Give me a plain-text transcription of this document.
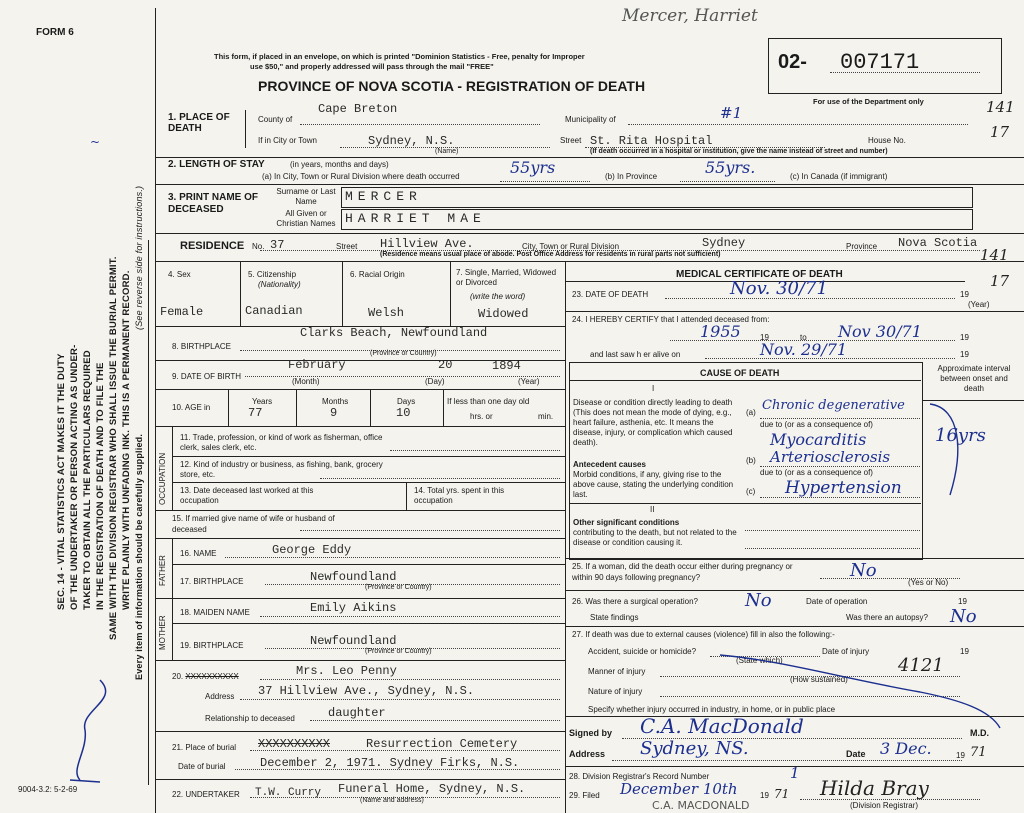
FORM 6
SEC. 14 - VITAL STATISTICS ACT MAKES IT THE DUTY OF THE UNDERTAKER OR PERSON ACTING AS UNDER- TAKER TO OBTAIN ALL THE PARTICULARS REQUIRED IN THE REGISTRATION OF DEATH AND TO FILE THE SAME WITH THE DIVISION REGISTRAR WHO SHALL ISSUE THE BURIAL PERMIT. WRITE PLAINLY WITH UNFADING INK. THIS IS A PERMANENT RECORD. Every item of information should be carefully supplied.
(See reverse side for instructions.)
9004-3.2: 5-2-69
~
Mercer, Harriet
This form, if placed in an envelope, on which is printed "Dominion Statistics - Free, penalty for Improper
use $50," and properly addressed will pass through the mail "FREE"
PROVINCE OF NOVA SCOTIA - REGISTRATION OF DEATH
02- 007171
For use of the Department only	141
17
141
17
1. PLACE OF DEATH
County of
Cape Breton
Municipality of	#1
If in City or Town	Sydney, N.S.
(Name)
Street St. Rita Hospital	House No.
(If death occurred in a hospital or institution, give the name instead of street and number)
2. LENGTH OF STAY	(in years, months and days)
(a) In City, Town or Rural Division where death occurred	55yrs	(b) In Province	55yrs.	(c) In Canada (if immigrant)
3. PRINT NAME OF DECEASED
Surname or Last Name
All Given or Christian Names
MERCER
HARRIET MAE
RESIDENCE No. 37	Street Hillview Ave.	City, Town or Rural Division	Sydney	Province Nova Scotia
(Residence means usual place of abode. Post Office Address for residents in rural parts not sufficient)
4. Sex	5. Citizenship
(Nationality)
6. Racial Origin	7. Single, Married, Widowed or Divorced
(write the word)
Female	Canadian	Welsh	Widowed
Clarks Beach, Newfoundland
8. BIRTHPLACE
(Province or Country)
9. DATE OF BIRTH
February	20	1894
(Month)	(Day)	(Year)
10. AGE in
Years	Months	Days
77	9	10
If less than one day old
hrs. or	min.
OCCUPATION
11. Trade, profession, or kind of work as fisherman, office clerk, sales clerk, etc.
12. Kind of industry or business, as fishing, bank, grocery store, etc.
13. Date deceased last worked at this occupation
14. Total yrs. spent in this occupation
15. If married give name of wife or husband of deceased
FATHER
16. NAME	George Eddy
17. BIRTHPLACE	Newfoundland
(Province or Country)
MOTHER
18. MAIDEN NAME	Emily Aikins
19. BIRTHPLACE	Newfoundland
(Province or Country)
20. XXXXXXXXXX	Mrs. Leo Penny
Address 37 Hillview Ave., Sydney, N.S.
Relationship to deceased	daughter
21. Place of burial XXXXXXXXXX	Resurrection Cemetery
Date of burial	December 2, 1971. Sydney Firks, N.S.
22. UNDERTAKER T.W. Curry Funeral Home, Sydney, N.S.
(Name and address)
MEDICAL CERTIFICATE OF DEATH
23. DATE OF DEATH	Nov. 30/71	19
(Year)
24. I HEREBY CERTIFY that I attended deceased from:
1955 19	to Nov 30/71	19
and last saw h er alive on	Nov. 29/71	19
Approximate interval between onset and death
CAUSE OF DEATH
I
Disease or condition directly leading to death (This does not mean the mode of dying, e.g., heart failure, asthenia, etc. It means the disease, injury, or complication which caused death).
Antecedent causes
Morbid conditions, if any, giving rise to the above cause, stating the underlying condition last.
(a)
due to (or as a consequence of)
Chronic degenerative
Myocarditis
(b)
due to (or as a consequence of)
Arteriosclerosis
(c) Hypertension
16yrs
II
Other significant conditions
contributing to the death, but not related to the disease or condition causing it.
25. If a woman, did the death occur either during pregnancy or within 90 days following pregnancy?	No
(Yes or No)
26. Was there a surgical operation?	No	Date of operation	19
State findings	Was there an autopsy? No
27. If death was due to external causes (violence) fill in also the following:-
Accident, suicide or homicide?	Date of injury	19
(State which)	4121
Manner of injury
(How sustained)
Nature of injury
Specify whether injury occurred in industry, in home, or in public place
Signed by C.A. MacDonald	M.D.
Address Sydney, NS.	Date 3 Dec.	19 71
28. Division Registrar's Record Number	1
29. Filed December 10th	19 71 Hilda Bray
(Division Registrar)
C.A. MACDONALD
